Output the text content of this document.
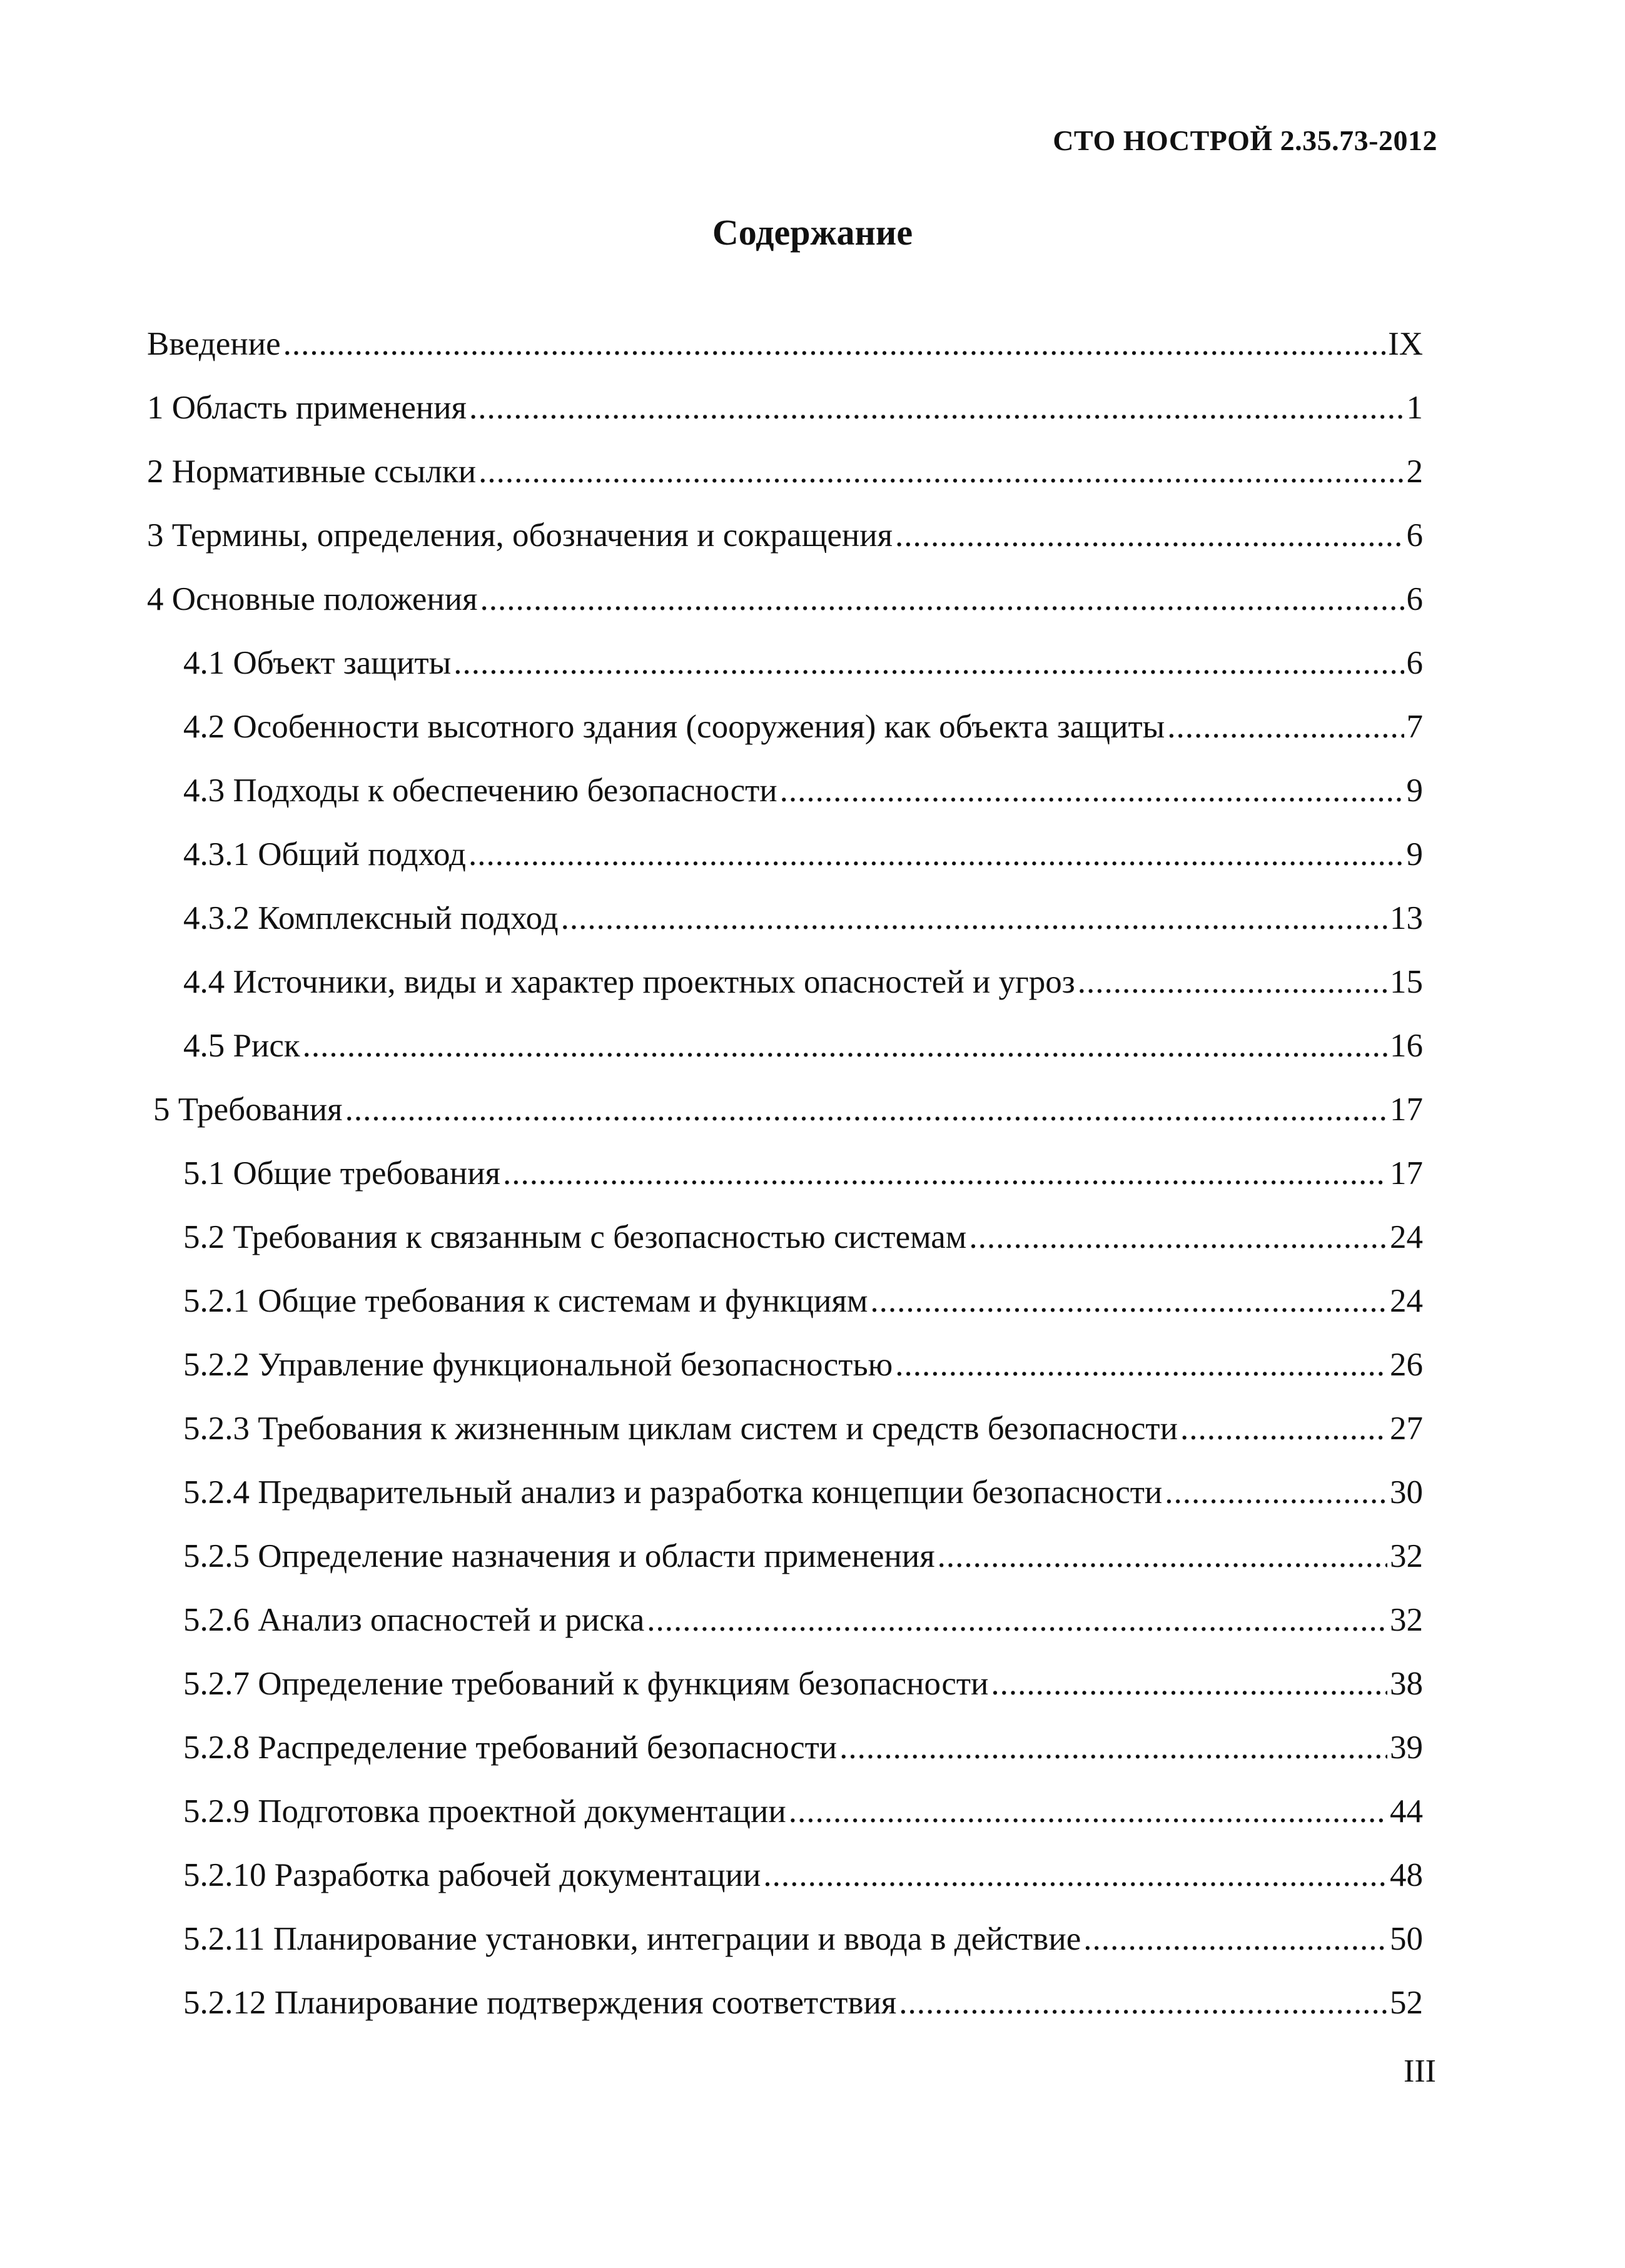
СТО НОСТРОЙ 2.35.73-2012
Содержание
Введение .....	IX
1 Область применения .....	1
2 Нормативные ссылки .....	2
3 Термины, определения, обозначения и сокращения .....	6
4 Основные положения .....	6
4.1 Объект защиты .....	6
4.2 Особенности высотного здания (сооружения) как объекта защиты .....	7
4.3 Подходы к обеспечению безопасности .....	9
4.3.1 Общий подход .....	9
4.3.2 Комплексный подход .....	13
4.4 Источники, виды и характер проектных опасностей и угроз .....	15
4.5 Риск .....	16
5 Требования .....	17
5.1 Общие требования .....	17
5.2 Требования к связанным с безопасностью системам .....	24
5.2.1 Общие требования к системам и функциям .....	24
5.2.2 Управление функциональной безопасностью .....	26
5.2.3 Требования к жизненным циклам систем и средств безопасности .....	27
5.2.4 Предварительный анализ и разработка концепции безопасности .....	30
5.2.5 Определение назначения и области применения .....	32
5.2.6 Анализ опасностей и риска .....	32
5.2.7 Определение требований к функциям безопасности .....	38
5.2.8 Распределение требований безопасности .....	39
5.2.9 Подготовка проектной документации .....	44
5.2.10 Разработка рабочей документации .....	48
5.2.11 Планирование установки, интеграции и ввода в действие .....	50
5.2.12 Планирование подтверждения соответствия .....	52
III
